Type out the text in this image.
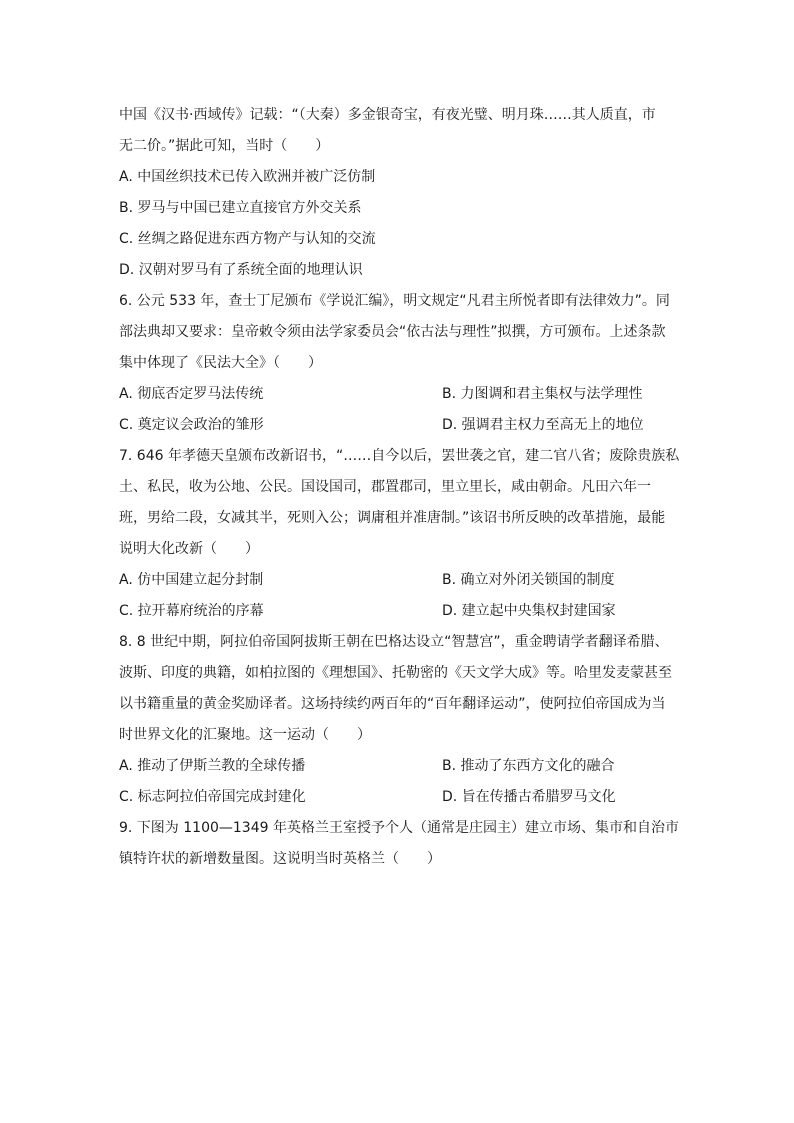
中国《汉书·西域传》记载：“（大秦）多金银奇宝，有夜光璧、明月珠……其人质直，市
无二价。”据此可知，当时（　　）
A. 中国丝织技术已传入欧洲并被广泛仿制
B. 罗马与中国已建立直接官方外交关系
C. 丝绸之路促进东西方物产与认知的交流
D. 汉朝对罗马有了系统全面的地理认识
6. 公元 533 年，查士丁尼颁布《学说汇编》，明文规定“凡君主所悦者即有法律效力”。同
部法典却又要求：皇帝敕令须由法学家委员会“依古法与理性”拟撰，方可颁布。上述条款
集中体现了《民法大全》（　　）
A. 彻底否定罗马法传统	B. 力图调和君主集权与法学理性
C. 奠定议会政治的雏形	D. 强调君主权力至高无上的地位
7. 646 年孝德天皇颁布改新诏书，“……自今以后，罢世袭之官，建二官八省；废除贵族私
土、私民，收为公地、公民。国设国司，郡置郡司，里立里长，咸由朝命。凡田六年一
班，男给二段，女减其半，死则入公；调庸租并准唐制。”该诏书所反映的改革措施，最能
说明大化改新（　　）
A. 仿中国建立起分封制	B. 确立对外闭关锁国的制度
C. 拉开幕府统治的序幕	D. 建立起中央集权封建国家
8. 8 世纪中期，阿拉伯帝国阿拔斯王朝在巴格达设立“智慧宫”，重金聘请学者翻译希腊、
波斯、印度的典籍，如柏拉图的《理想国》、托勒密的《天文学大成》等。哈里发麦蒙甚至
以书籍重量的黄金奖励译者。这场持续约两百年的“百年翻译运动”，使阿拉伯帝国成为当
时世界文化的汇聚地。这一运动（　　）
A. 推动了伊斯兰教的全球传播	B. 推动了东西方文化的融合
C. 标志阿拉伯帝国完成封建化	D. 旨在传播古希腊罗马文化
9. 下图为 1100—1349 年英格兰王室授予个人（通常是庄园主）建立市场、集市和自治市
镇特许状的新增数量图。这说明当时英格兰（　　）
